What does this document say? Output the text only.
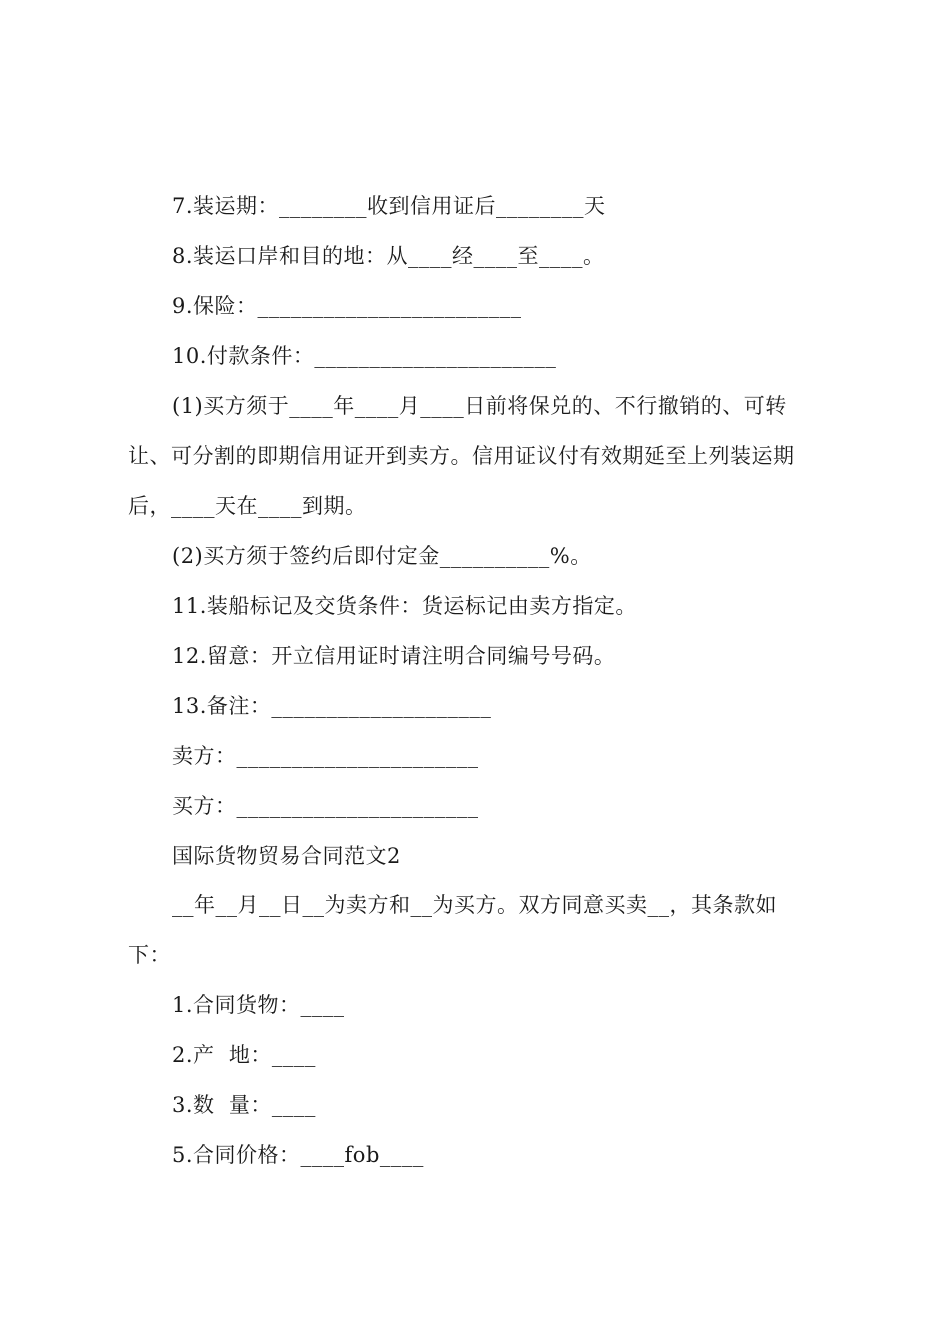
7.装运期：________收到信用证后________天
8.装运口岸和目的地：从____经____至____。
9.保险：________________________
10.付款条件：______________________
(1)买方须于____年____月____日前将保兑的、不行撤销的、可转
让、可分割的即期信用证开到卖方。信用证议付有效期延至上列装运期
后，____天在____到期。
(2)买方须于签约后即付定金__________%。
11.装船标记及交货条件：货运标记由卖方指定。
12.留意：开立信用证时请注明合同编号号码。
13.备注：____________________
卖方：______________________
买方：______________________
国际货物贸易合同范文2
__年__月__日__为卖方和__为买方。双方同意买卖__，其条款如
下：
1.合同货物：____
2.产  地：____
3.数  量：____
5.合同价格：____fob____
